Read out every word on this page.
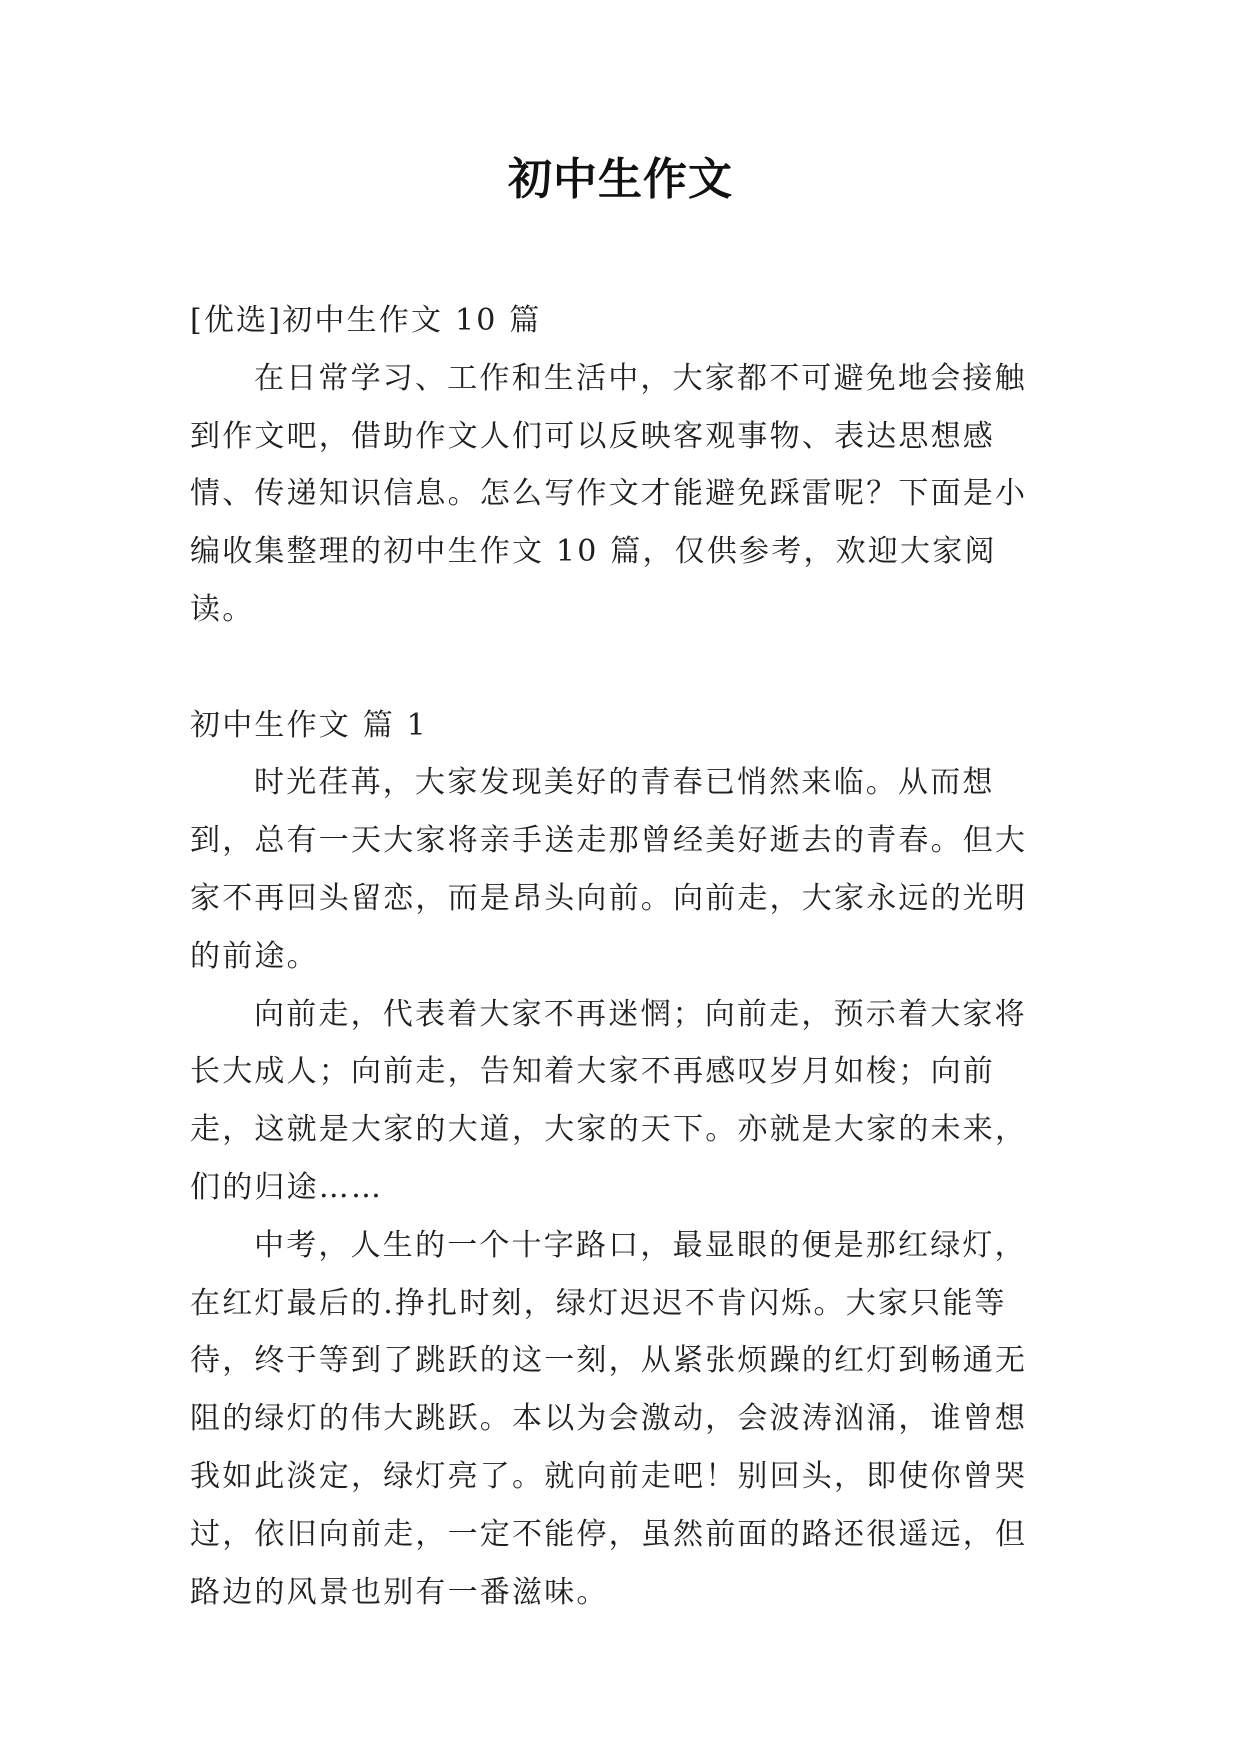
初中生作文

[优选]初中生作文 10 篇

在日常学习、工作和生活中，大家都不可避免地会接触到作文吧，借助作文人们可以反映客观事物、表达思想感情、传递知识信息。怎么写作文才能避免踩雷呢？下面是小编收集整理的初中生作文 10 篇，仅供参考，欢迎大家阅读。

初中生作文 篇 1

时光荏苒，大家发现美好的青春已悄然来临。从而想到，总有一天大家将亲手送走那曾经美好逝去的青春。但大家不再回头留恋，而是昂头向前。向前走，大家永远的光明的前途。

向前走，代表着大家不再迷惘；向前走，预示着大家将长大成人；向前走，告知着大家不再感叹岁月如梭；向前走，这就是大家的大道，大家的天下。亦就是大家的未来，们的归途……

中考，人生的一个十字路口，最显眼的便是那红绿灯，在红灯最后的.挣扎时刻，绿灯迟迟不肯闪烁。大家只能等待，终于等到了跳跃的这一刻，从紧张烦躁的红灯到畅通无阻的绿灯的伟大跳跃。本以为会激动，会波涛汹涌，谁曾想我如此淡定，绿灯亮了。就向前走吧！别回头，即使你曾哭过，依旧向前走，一定不能停，虽然前面的路还很遥远，但路边的风景也别有一番滋味。
